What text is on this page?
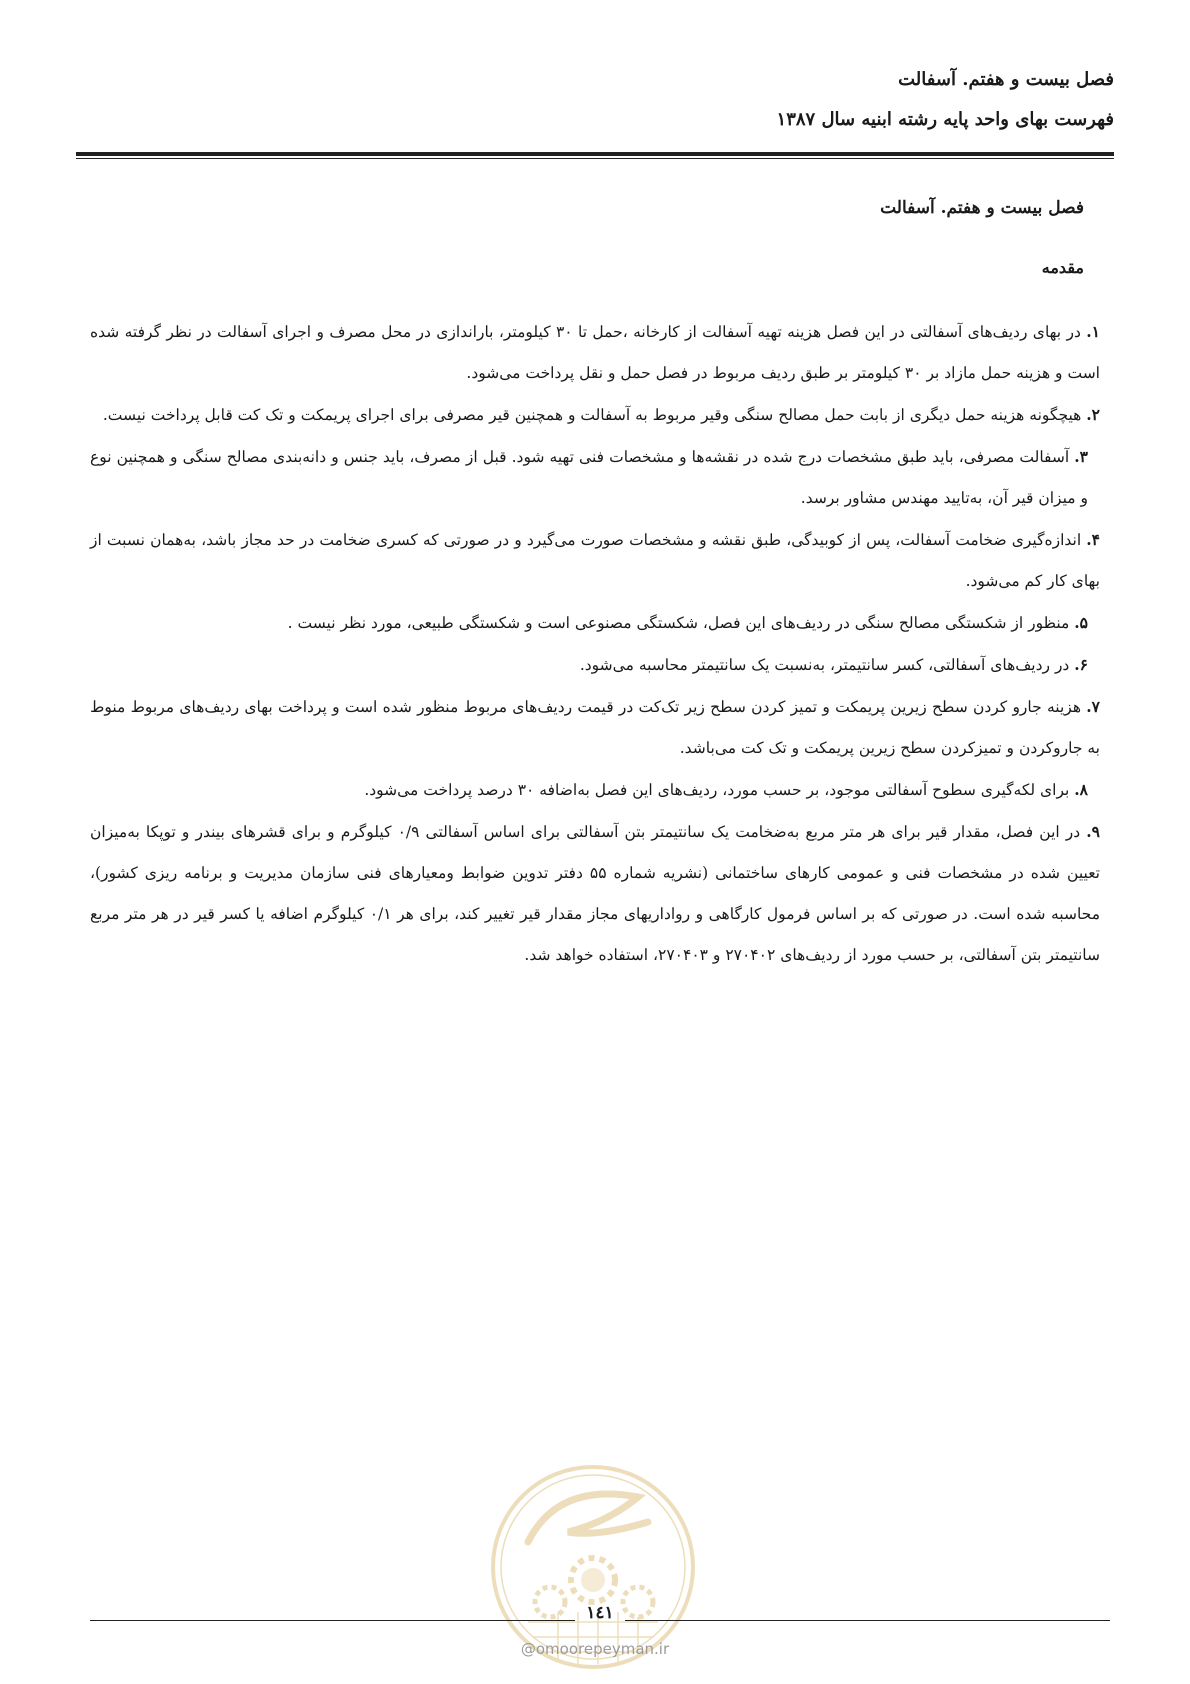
فصل بیست و هفتم. آسفالت
فهرست بهای واحد پایه رشته ابنیه سال ۱۳۸۷
فصل بیست و هفتم. آسفالت
مقدمه

۱. در بهای ردیف‌های آسفالتی در این فصل هزینه تهیه آسفالت از کارخانه ،حمل تا ۳۰ کیلومتر، باراندازی در محل مصرف و اجرای آسفالت در نظر گرفته شده است و هزینه حمل مازاد بر ۳۰ کیلومتر بر طبق ردیف مربوط در فصل حمل و نقل پرداخت می‌شود.

۲. هیچگونه هزینه حمل دیگری از بابت حمل مصالح سنگی وقیر مربوط به آسفالت و همچنین قیر مصرفی برای اجرای پریمکت و تک کت قابل پرداخت نیست.

۳. آسفالت مصرفی، باید طبق مشخصات درج شده در نقشه‌ها و مشخصات فنی تهیه شود. قبل از مصرف، باید جنس و دانه‌بندی مصالح سنگی و همچنین نوع و میزان قیر آن، به‌تایید مهندس مشاور برسد.

۴. اندازه‌گیری ضخامت آسفالت، پس از کوبیدگی، طبق نقشه و مشخصات صورت می‌گیرد و در صورتی که کسری ضخامت در حد مجاز باشد، به‌همان نسبت از بهای کار کم می‌شود.

۵. منظور از شکستگی مصالح سنگی در ردیف‌های این فصل، شکستگی مصنوعی است و شکستگی طبیعی، مورد نظر نیست .

۶. در ردیف‌های آسفالتی، کسر سانتیمتر، به‌نسبت یک سانتیمتر محاسبه می‌شود.

۷. هزینه جارو کردن سطح زیرین پریمکت و تمیز کردن سطح زیر تک‌کت در قیمت ردیف‌های مربوط منظور شده است و پرداخت بهای ردیف‌های مربوط منوط به جاروکردن و تمیزکردن سطح زیرین پریمکت و تک کت می‌باشد.

۸. برای لکه‌گیری سطوح آسفالتی موجود، بر حسب مورد، ردیف‌های این فصل به‌اضافه ۳۰ درصد پرداخت می‌شود.

۹. در این فصل، مقدار قیر برای هر متر مربع به‌ضخامت یک سانتیمتر بتن آسفالتی برای اساس آسفالتی ۰/۹ کیلوگرم و برای قشرهای بیندر و توپکا به‌میزان تعیین شده در مشخصات فنی و عمومی کارهای ساختمانی (نشریه شماره ۵۵ دفتر تدوین ضوابط ومعیارهای فنی سازمان مدیریت و برنامه ریزی کشور)، محاسبه شده است. در صورتی که بر اساس فرمول کارگاهی و رواداریهای مجاز مقدار قیر تغییر کند، برای هر ۰/۱ کیلوگرم اضافه یا کسر قیر در هر متر مربع سانتیمتر بتن آسفالتی، بر حسب مورد از ردیف‌های ۲۷۰۴۰۲ و ۲۷۰۴۰۳، استفاده خواهد شد.

۱٤۱
@omoorepeyman.ir
